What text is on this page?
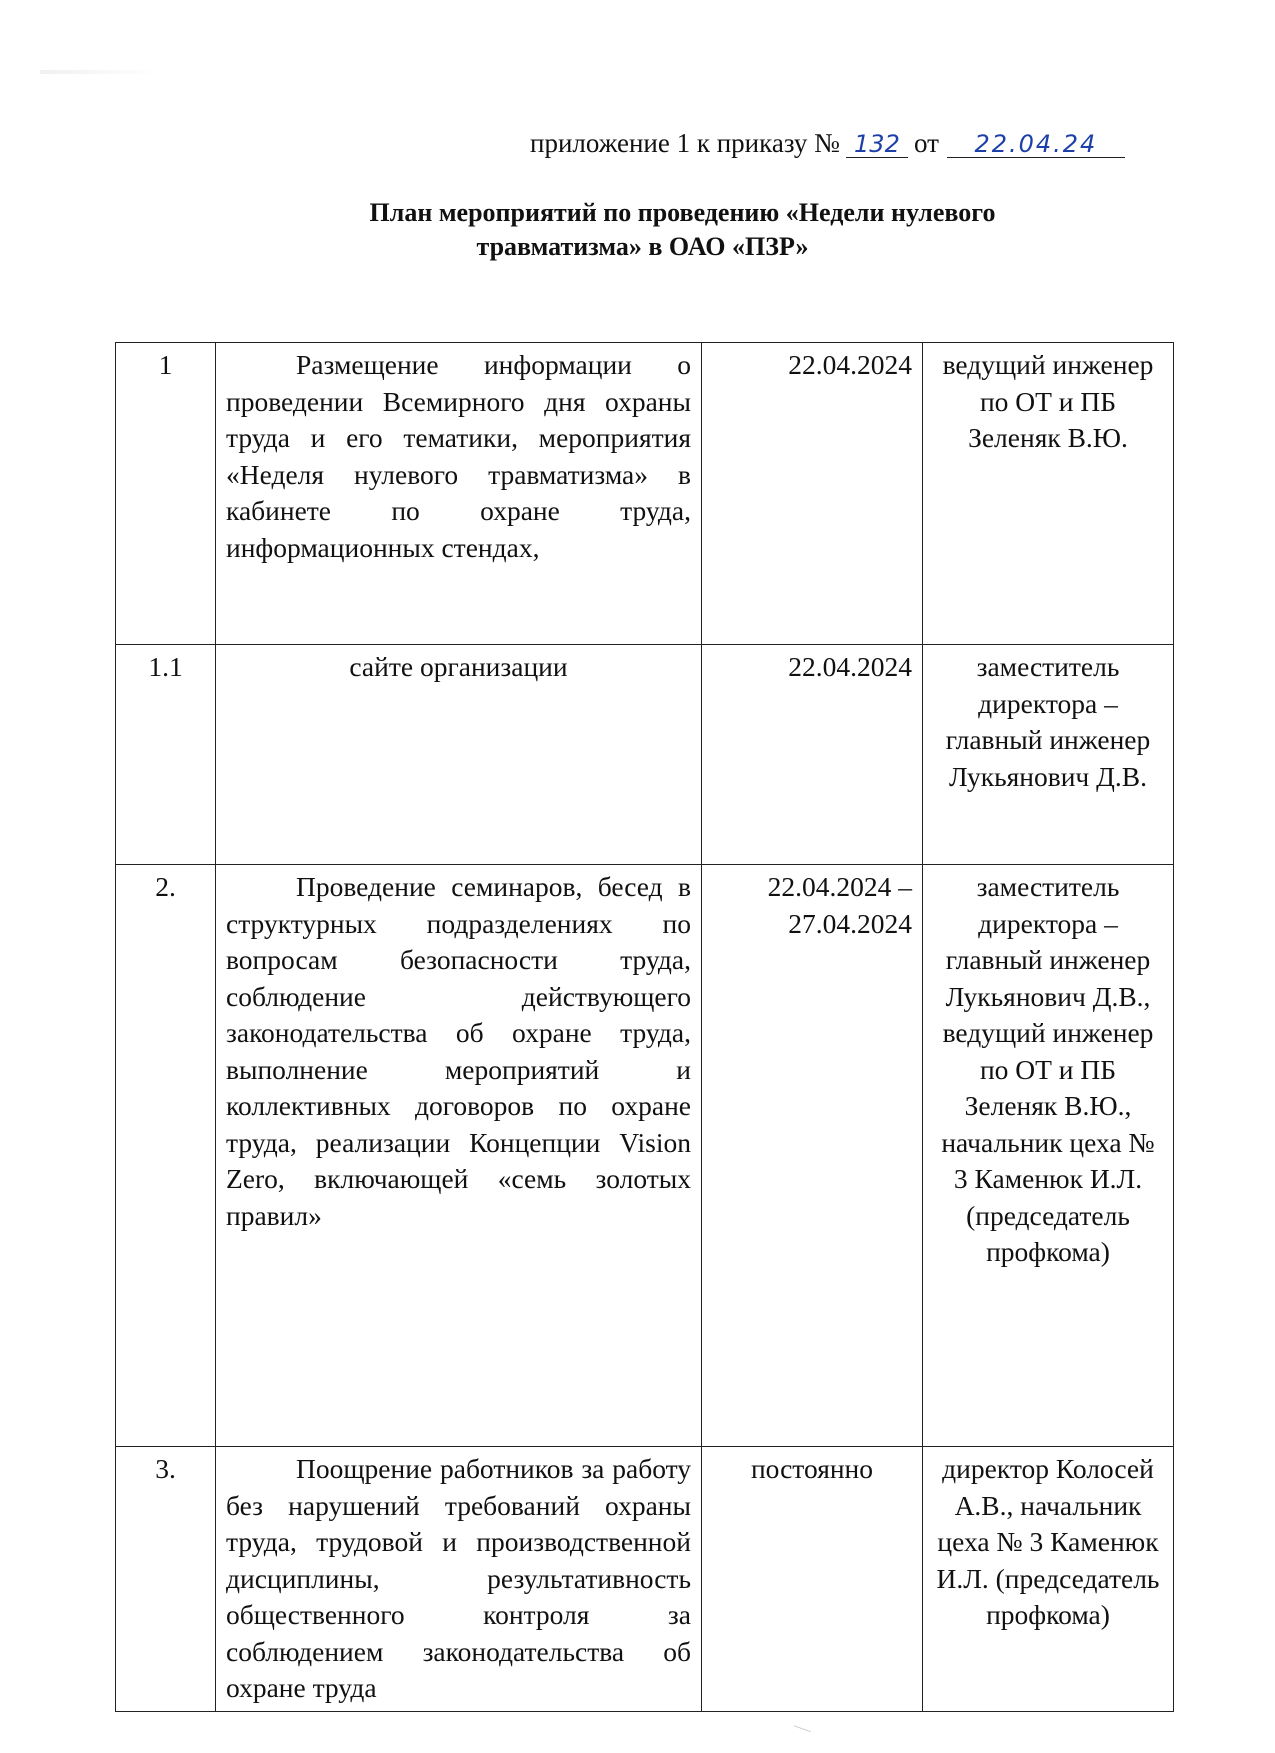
приложение 1 к приказу № 132 от 22.04.24
План мероприятий по проведению «Недели нулевого
травматизма» в ОАО «ПЗР»
1	Размещение информации о проведении Всемирного дня охраны труда и его тематики, мероприятия «Неделя нулевого травматизма» в кабинете по охране труда, информационных стендах,	22.04.2024	ведущий инженер по ОТ и ПБ Зеленяк В.Ю.
1.1	сайте организации	22.04.2024	заместитель директора – главный инженер Лукьянович Д.В.
2.	Проведение семинаров, бесед в структурных подразделениях по вопросам безопасности труда, соблюдение действующего законодательства об охране труда, выполнение мероприятий и коллективных договоров по охране труда, реализации Концепции Vision Zero, включающей «семь золотых правил»	22.04.2024 – 27.04.2024	заместитель директора – главный инженер Лукьянович Д.В., ведущий инженер по ОТ и ПБ Зеленяк В.Ю., начальник цеха № 3 Каменюк И.Л. (председатель профкома)
3.	Поощрение работников за работу без нарушений требований охраны труда, трудовой и производственной дисциплины, результативность общественного контроля за соблюдением законодательства об охране труда	постоянно	директор Колосей А.В., начальник цеха № 3 Каменюк И.Л. (председатель профкома)
